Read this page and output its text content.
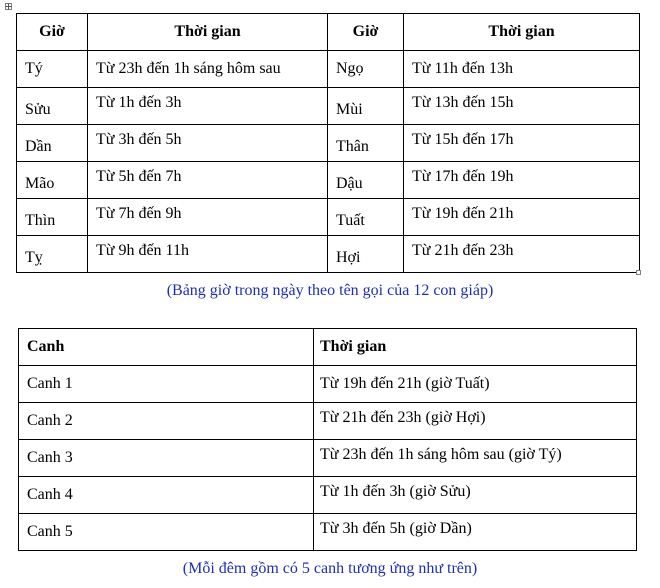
Giờ	Thời gian	Giờ	Thời gian
Tý	Từ 23h đến 1h sáng hôm sau	Ngọ	Từ 11h đến 13h
Sửu	Từ 1h đến 3h	Mùi	Từ 13h đến 15h
Dần	Từ 3h đến 5h	Thân	Từ 15h đến 17h
Mão	Từ 5h đến 7h	Dậu	Từ 17h đến 19h
Thìn	Từ 7h đến 9h	Tuất	Từ 19h đến 21h
Tỵ	Từ 9h đến 11h	Hợi	Từ 21h đến 23h
(Bảng giờ trong ngày theo tên gọi của 12 con giáp)
Canh	Thời gian
Canh 1	Từ 19h đến 21h (giờ Tuất)
Canh 2	Từ 21h đến 23h (giờ Hợi)
Canh 3	Từ 23h đến 1h sáng hôm sau (giờ Tý)
Canh 4	Từ 1h đến 3h (giờ Sửu)
Canh 5	Từ 3h đến 5h (giờ Dần)
(Mỗi đêm gồm có 5 canh tương ứng như trên)
